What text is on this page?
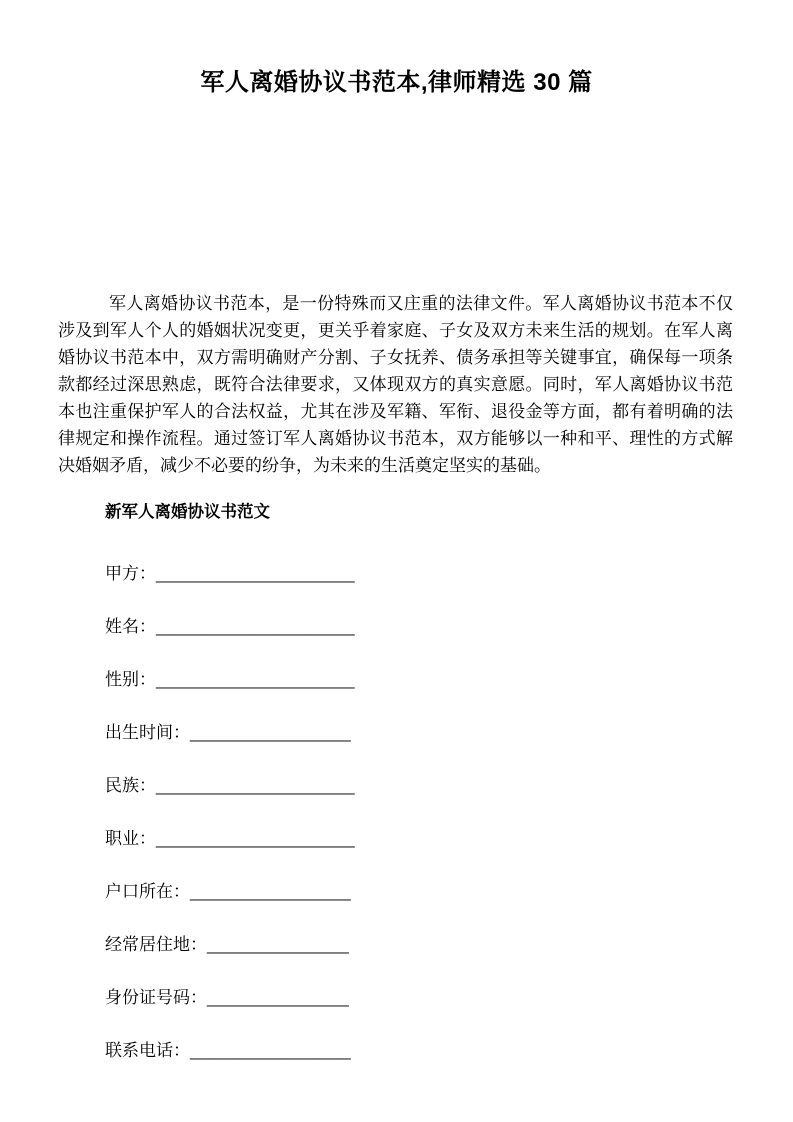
军人离婚协议书范本,律师精选 30 篇

军人离婚协议书范本，是一份特殊而又庄重的法律文件。军人离婚协议书范本不仅涉及到军人个人的婚姻状况变更，更关乎着家庭、子女及双方未来生活的规划。在军人离婚协议书范本中，双方需明确财产分割、子女抚养、债务承担等关键事宜，确保每一项条款都经过深思熟虑，既符合法律要求，又体现双方的真实意愿。同时，军人离婚协议书范本也注重保护军人的合法权益，尤其在涉及军籍、军衔、退役金等方面，都有着明确的法律规定和操作流程。通过签订军人离婚协议书范本，双方能够以一种和平、理性的方式解决婚姻矛盾，减少不必要的纷争，为未来的生活奠定坚实的基础。

新军人离婚协议书范文
甲方：_____________________
姓名：_____________________
性别：_____________________
出生时间：_________________
民族：_____________________
职业：_____________________
户口所在：_________________
经常居住地：_______________
身份证号码：_______________
联系电话：_________________
